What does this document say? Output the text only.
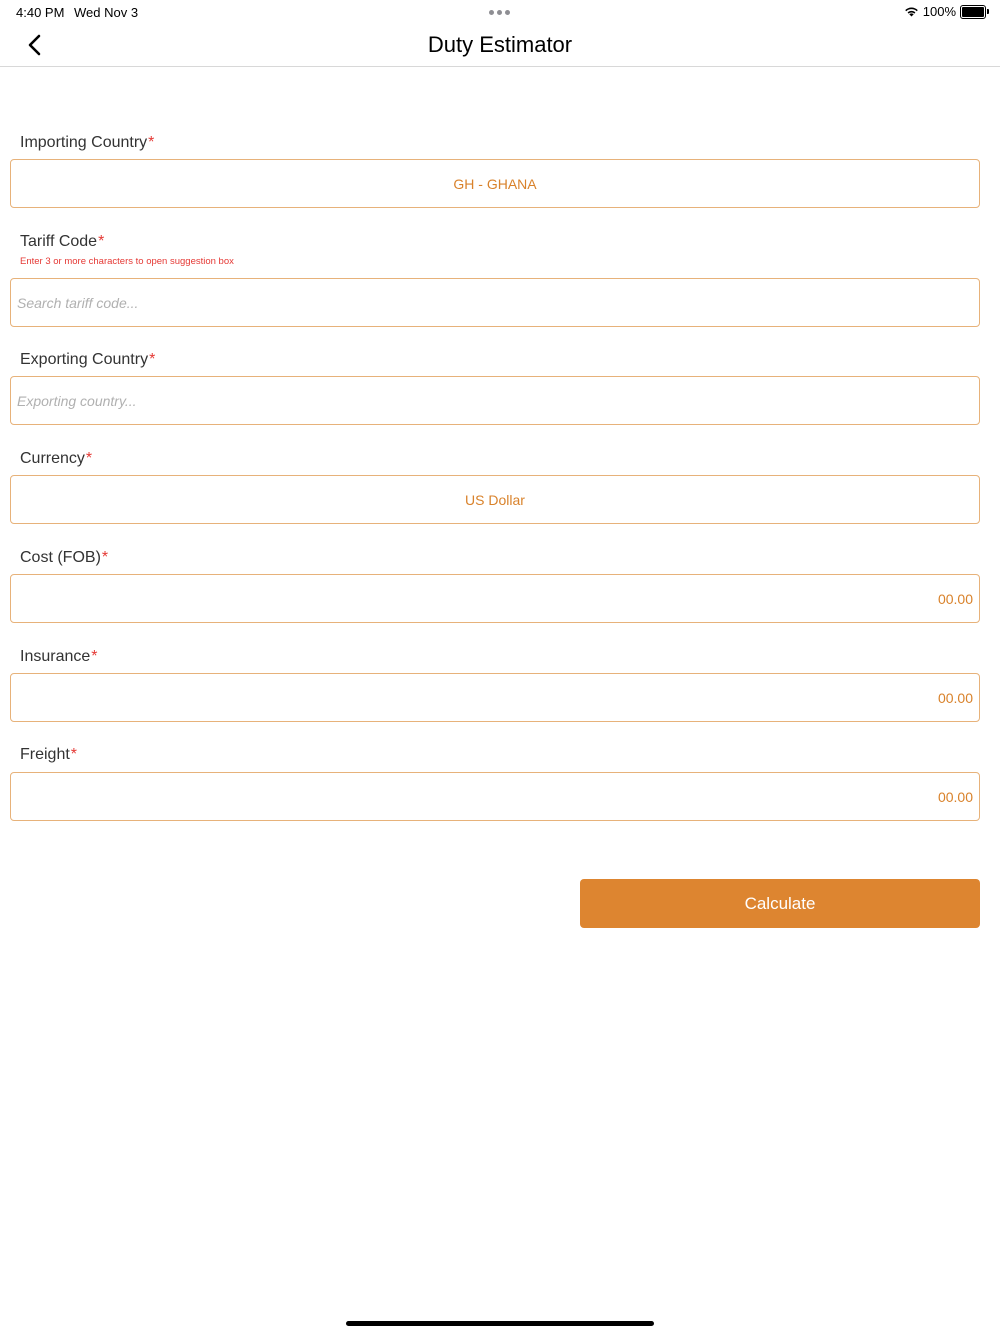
4:40 PM Wed Nov 3	100%
Duty Estimator
Importing Country*
GH - GHANA
Tariff Code*
Enter 3 or more characters to open suggestion box
Search tariff code...
Exporting Country*
Exporting country...
Currency*
US Dollar
Cost (FOB)*
00.00
Insurance*
00.00
Freight*
00.00
Calculate
